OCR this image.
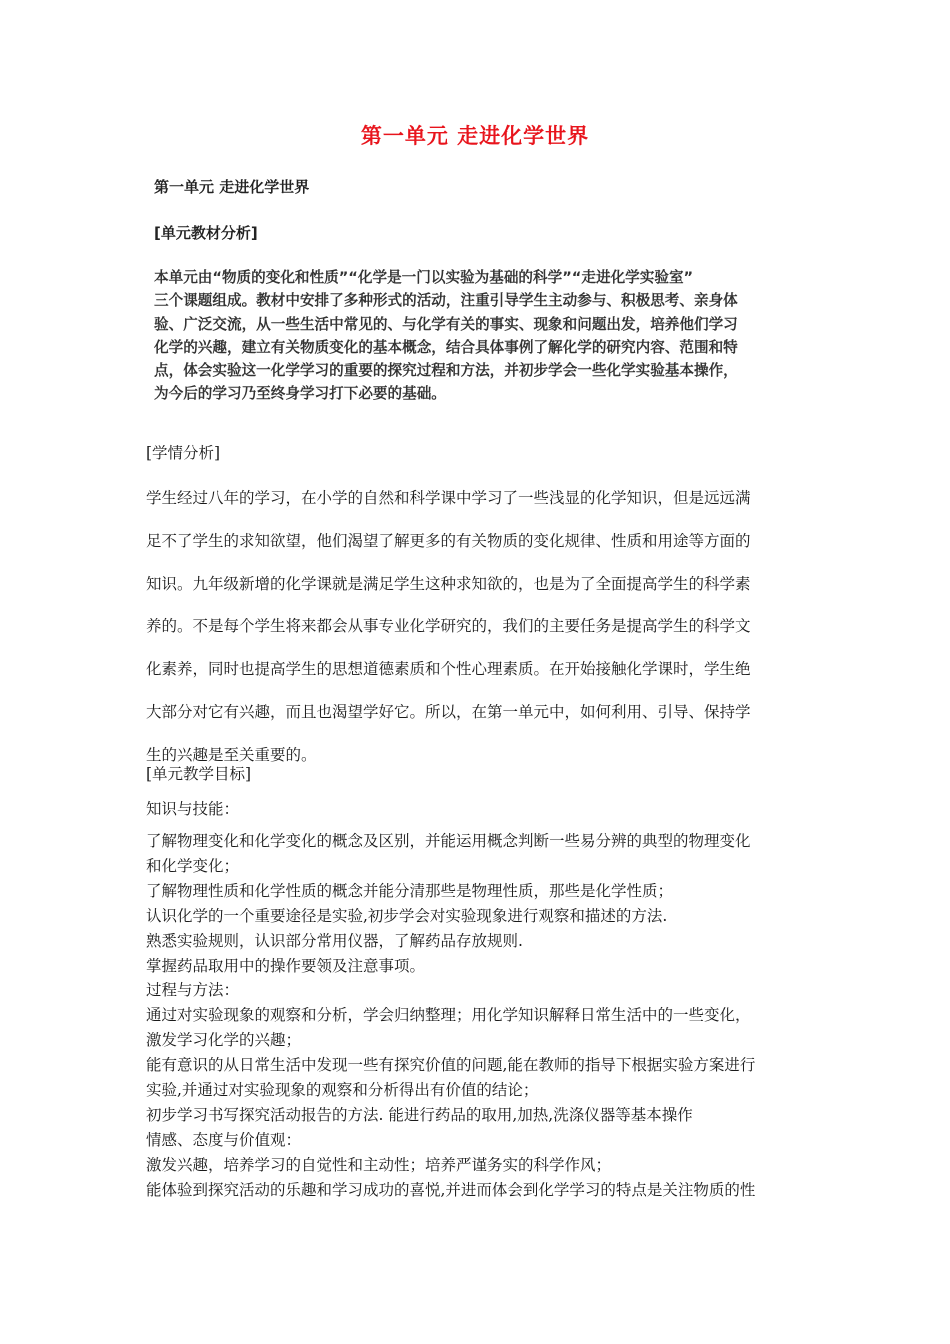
第一单元 走进化学世界
第一单元 走进化学世界
[单元教材分析]

本单元由“物质的变化和性质”“化学是一门以实验为基础的科学”“走进化学实验室”

三个课题组成。教材中安排了多种形式的活动，注重引导学生主动参与、积极思考、亲身体

验、广泛交流，从一些生活中常见的、与化学有关的事实、现象和问题出发，培养他们学习

化学的兴趣，建立有关物质变化的基本概念，结合具体事例了解化学的研究内容、范围和特

点，体会实验这一化学学习的重要的探究过程和方法，并初步学会一些化学实验基本操作，

为今后的学习乃至终身学习打下必要的基础。

[学情分析]

学生经过八年的学习，在小学的自然和科学课中学习了一些浅显的化学知识，但是远远满

足不了学生的求知欲望，他们渴望了解更多的有关物质的变化规律、性质和用途等方面的

知识。九年级新增的化学课就是满足学生这种求知欲的，也是为了全面提高学生的科学素

养的。不是每个学生将来都会从事专业化学研究的，我们的主要任务是提高学生的科学文

化素养，同时也提高学生的思想道德素质和个性心理素质。在开始接触化学课时，学生绝

大部分对它有兴趣，而且也渴望学好它。所以，在第一单元中，如何利用、引导、保持学

生的兴趣是至关重要的。

[单元教学目标]
知识与技能：

了解物理变化和化学变化的概念及区别，并能运用概念判断一些易分辨的典型的物理变化

和化学变化；

了解物理性质和化学性质的概念并能分清那些是物理性质，那些是化学性质；

认识化学的一个重要途径是实验,初步学会对实验现象进行观察和描述的方法.

熟悉实验规则，认识部分常用仪器，了解药品存放规则.

掌握药品取用中的操作要领及注意事项。

过程与方法：

通过对实验现象的观察和分析，学会归纳整理；用化学知识解释日常生活中的一些变化，

激发学习化学的兴趣；

能有意识的从日常生活中发现一些有探究价值的问题,能在教师的指导下根据实验方案进行

实验,并通过对实验现象的观察和分析得出有价值的结论；

初步学习书写探究活动报告的方法. 能进行药品的取用,加热,洗涤仪器等基本操作

情感、态度与价值观：

激发兴趣，培养学习的自觉性和主动性；培养严谨务实的科学作风；

能体验到探究活动的乐趣和学习成功的喜悦,并进而体会到化学学习的特点是关注物质的性
